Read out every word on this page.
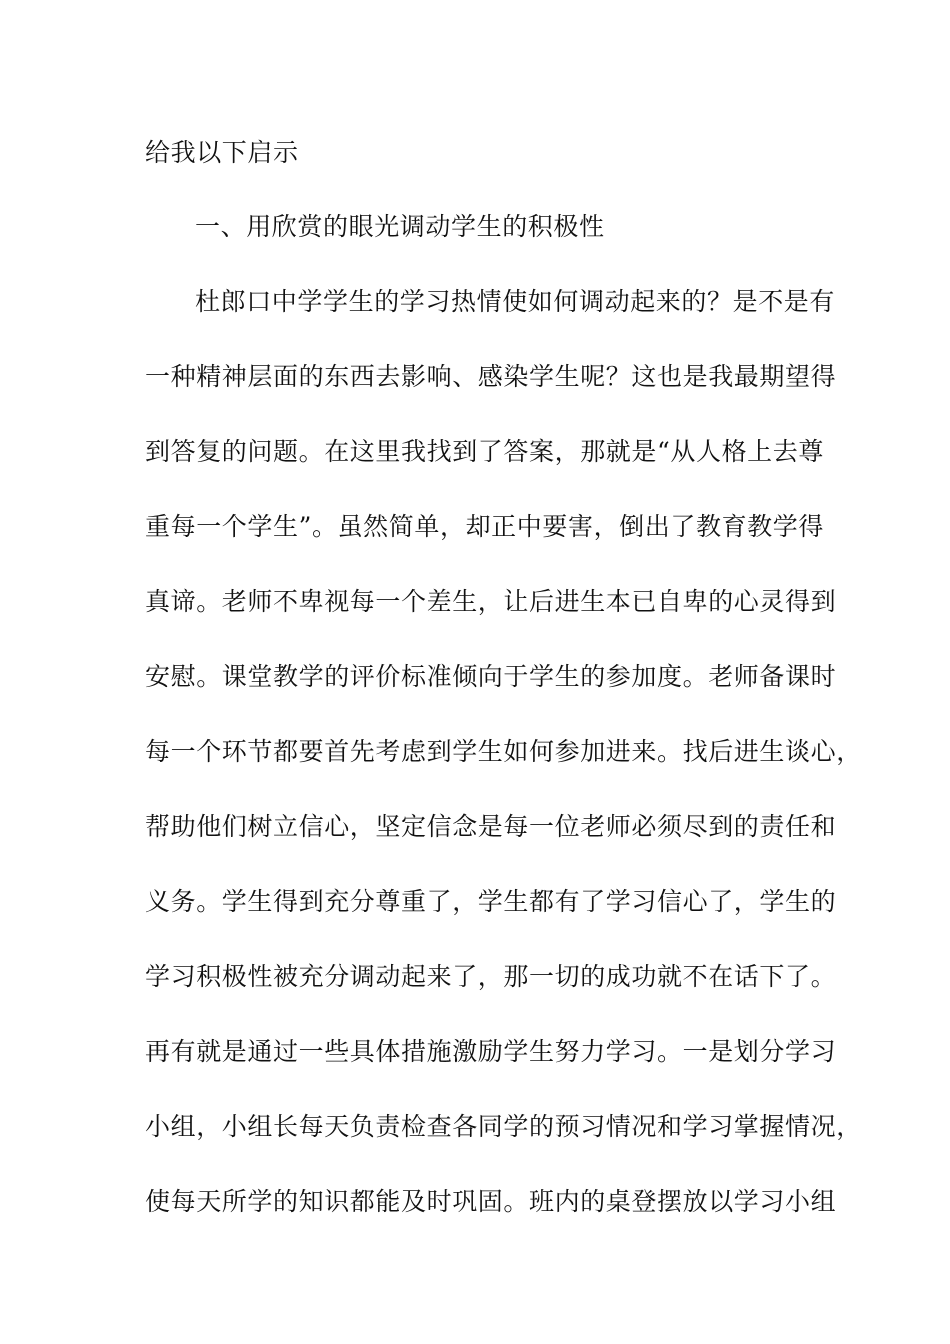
给我以下启示
一、用欣赏的眼光调动学生的积极性
杜郎口中学学生的学习热情使如何调动起来的？是不是有
一种精神层面的东西去影响、感染学生呢？这也是我最期望得
到答复的问题。在这里我找到了答案，那就是“从人格上去尊
重每一个学生”。虽然简单，却正中要害，倒出了教育教学得
真谛。老师不卑视每一个差生，让后进生本已自卑的心灵得到
安慰。课堂教学的评价标准倾向于学生的参加度。老师备课时
每一个环节都要首先考虑到学生如何参加进来。找后进生谈心，
帮助他们树立信心，坚定信念是每一位老师必须尽到的责任和
义务。学生得到充分尊重了，学生都有了学习信心了，学生的
学习积极性被充分调动起来了，那一切的成功就不在话下了。
再有就是通过一些具体措施激励学生努力学习。一是划分学习
小组，小组长每天负责检查各同学的预习情况和学习掌握情况，
使每天所学的知识都能及时巩固。班内的桌登摆放以学习小组
